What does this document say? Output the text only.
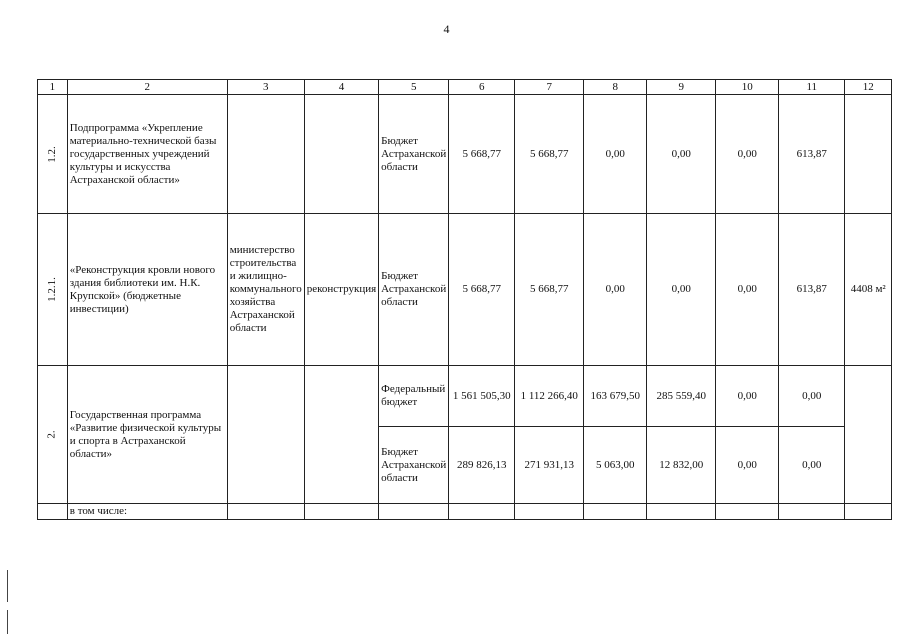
4
1	2	3	4	5	6	7	8	9	10	11	12
1.2.	Подпрограмма «Укрепление материально-технической базы государственных учреждений культуры и искусства Астраханской области»			Бюджет Астраханской области	5 668,77	5 668,77	0,00	0,00	0,00	613,87	
1.2.1.	«Реконструкция кровли нового здания библиотеки им. Н.К. Крупской» (бюджетные инвестиции)	министерство строительства и жилищно-коммунального хозяйства Астраханской области	реконструкция	Бюджет Астраханской области	5 668,77	5 668,77	0,00	0,00	0,00	613,87	4408 м²
2.	Государственная программа «Развитие физической культуры и спорта в Астраханской области»			Федеральный бюджет	1 561 505,30	1 112 266,40	163 679,50	285 559,40	0,00	0,00	
				Бюджет Астраханской области	289 826,13	271 931,13	5 063,00	12 832,00	0,00	0,00	
	в том числе:										
